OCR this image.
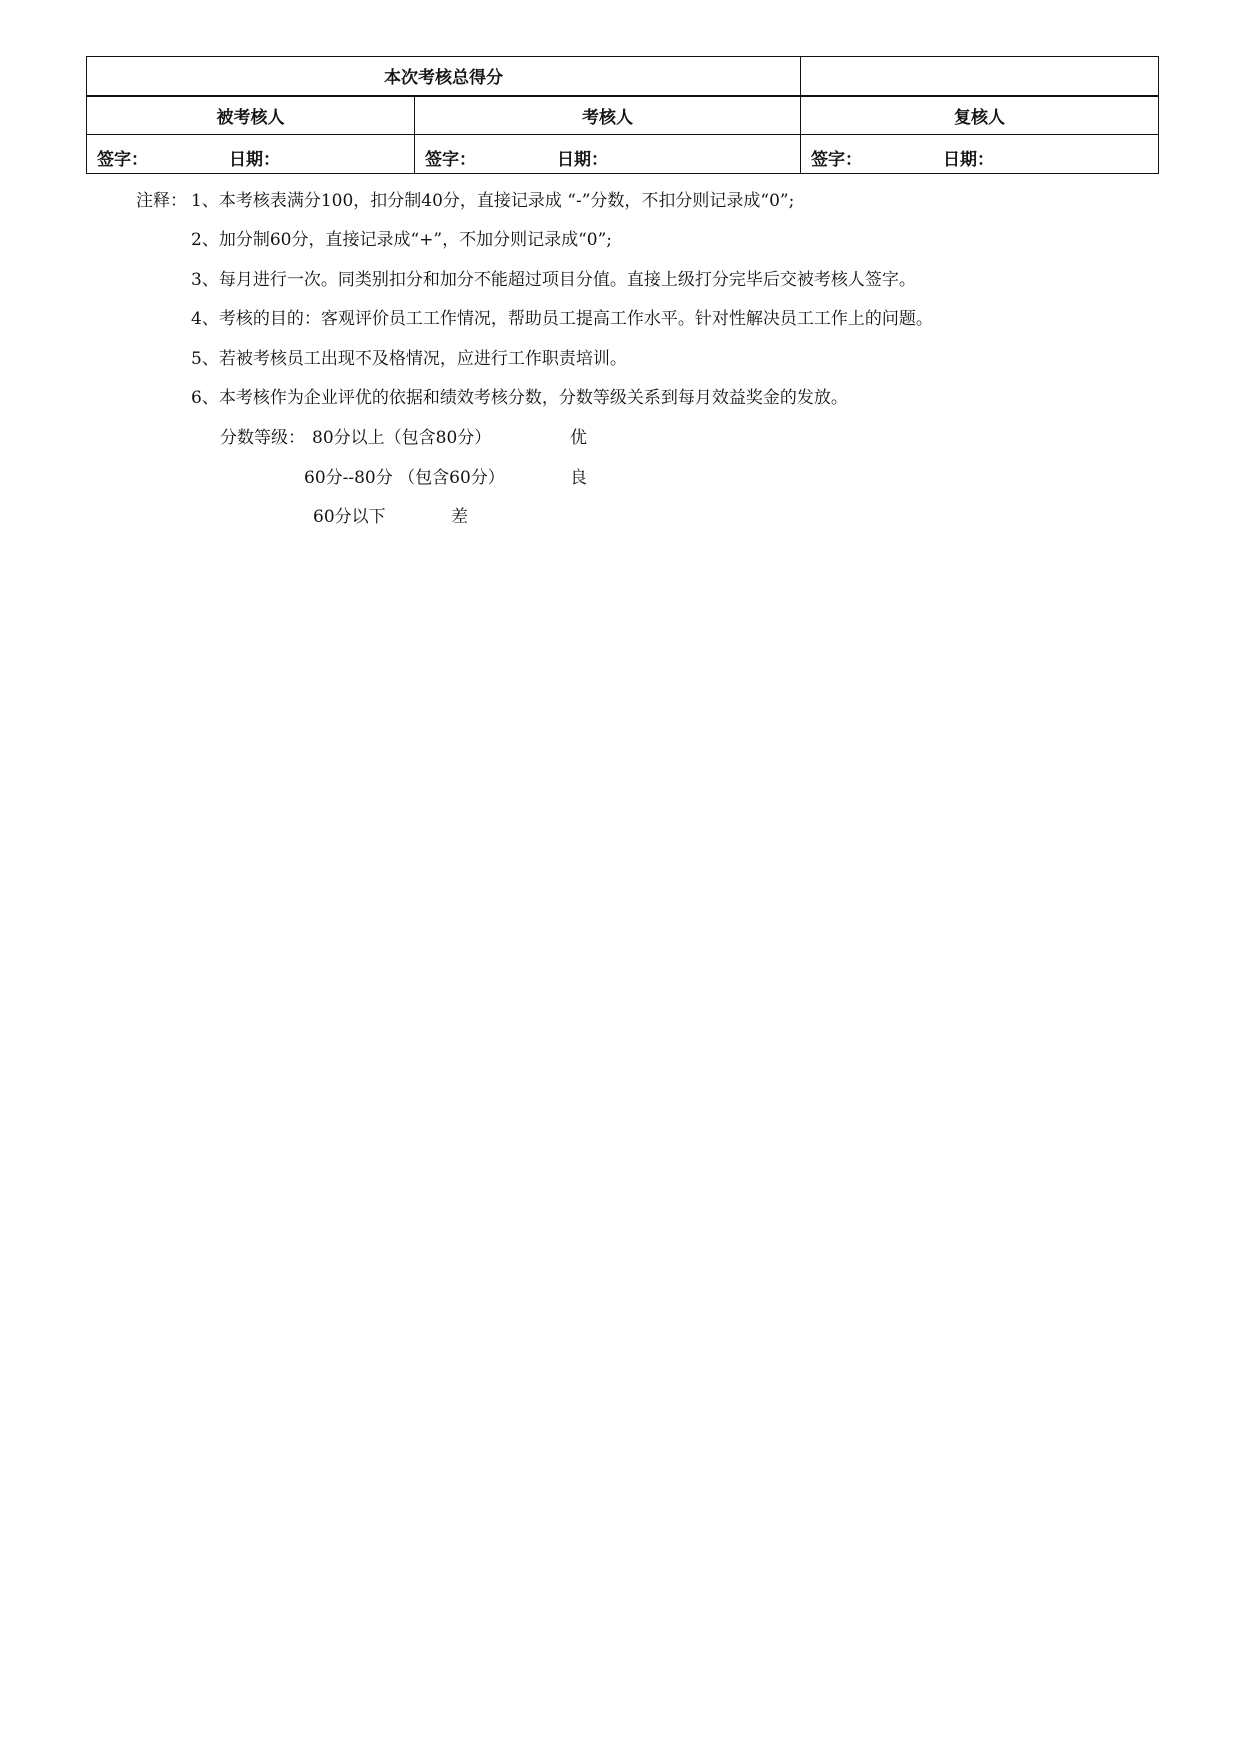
本次考核总得分		
被考核人	考核人	复核人

签字： 日期：	签字： 日期：	签字： 日期：
注释： 1、本考核表满分100，扣分制40分，直接记录成 “-”分数，不扣分则记录成“0”;
2、加分制60分，直接记录成“+”，不加分则记录成“0”;
3、每月进行一次。同类别扣分和加分不能超过项目分值。直接上级打分完毕后交被考核人签字。
4、考核的目的：客观评价员工工作情况，帮助员工提高工作水平。针对性解决员工工作上的问题。
5、若被考核员工出现不及格情况，应进行工作职责培训。
6、本考核作为企业评优的依据和绩效考核分数，分数等级关系到每月效益奖金的发放。
分数等级： 80分以上（包含80分）	优
60分--80分 （包含60分）	良
60分以下	差
